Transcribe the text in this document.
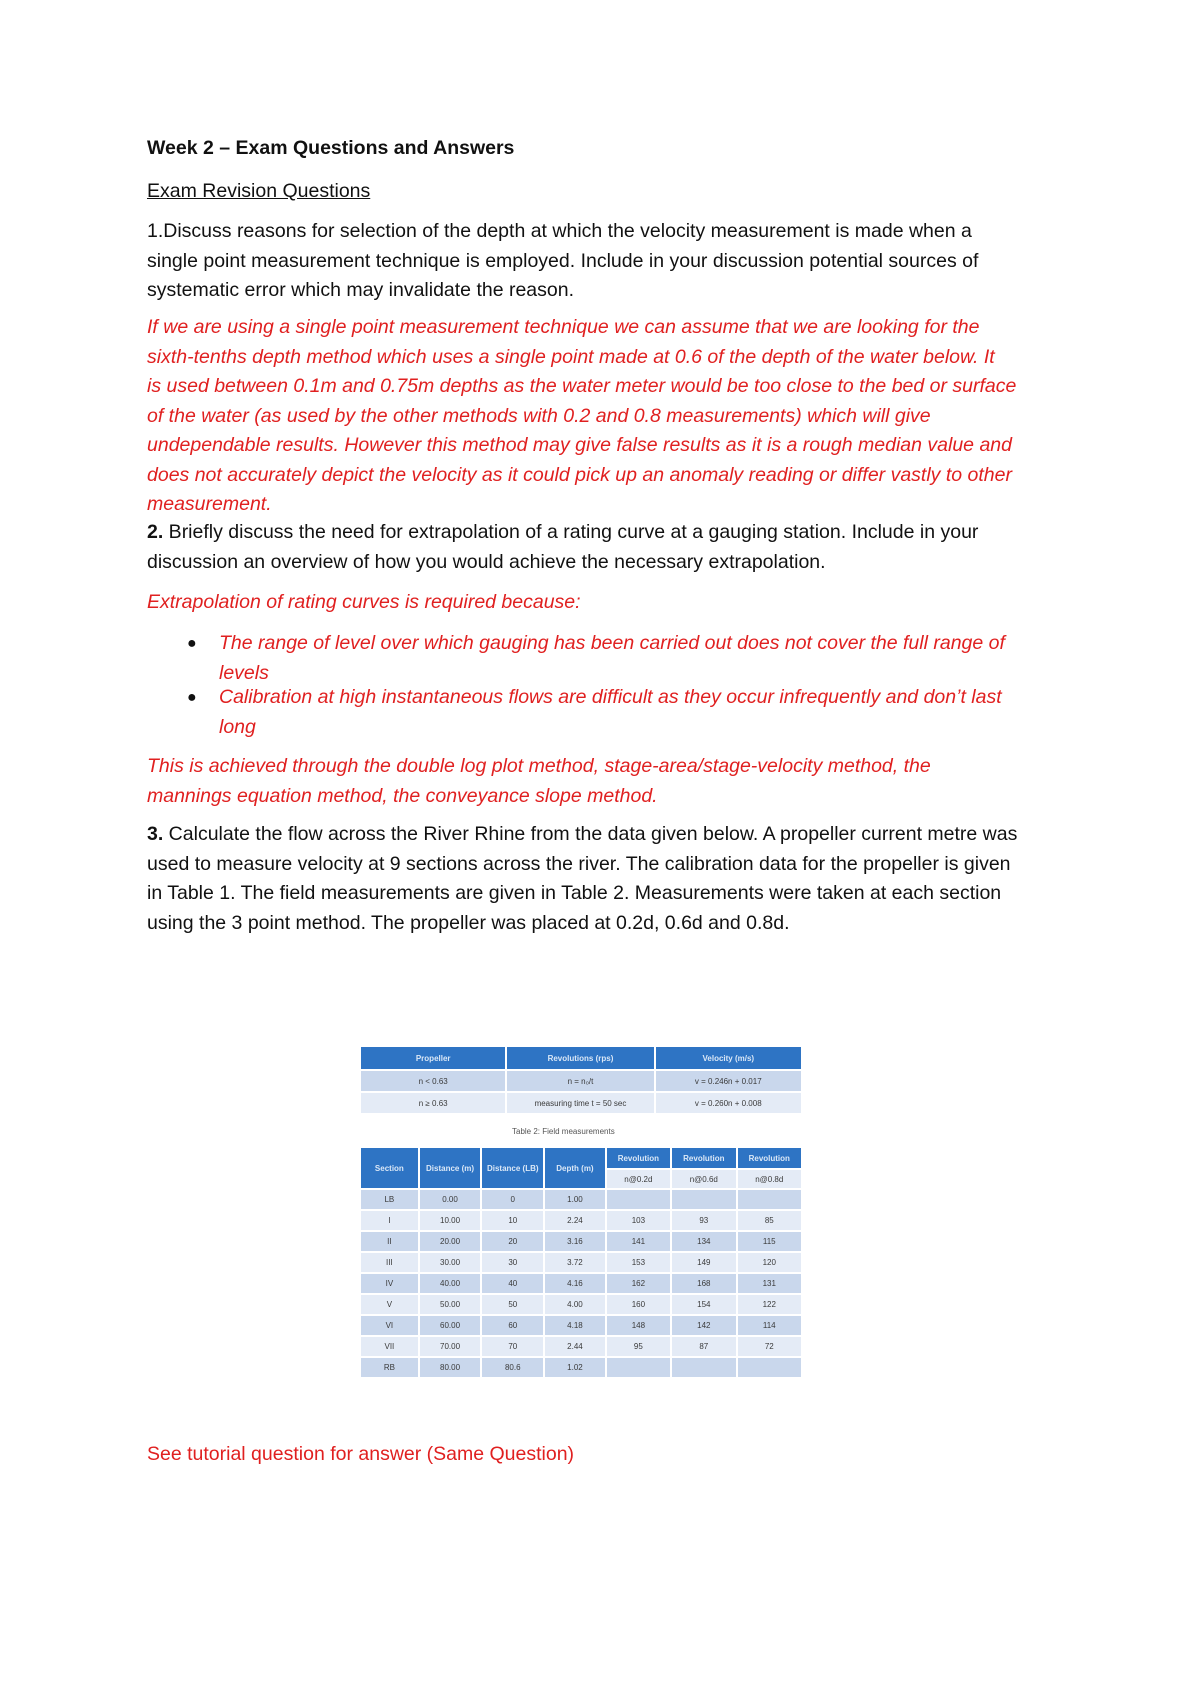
Week 2 – Exam Questions and Answers
Exam Revision Questions
1.Discuss reasons for selection of the depth at which the velocity measurement is made when a
single point measurement technique is employed. Include in your discussion potential sources of
systematic error which may invalidate the reason.
If we are using a single point measurement technique we can assume that we are looking for the
sixth-tenths depth method which uses a single point made at 0.6 of the depth of the water below. It
is used between 0.1m and 0.75m depths as the water meter would be too close to the bed or surface
of the water (as used by the other methods with 0.2 and 0.8 measurements) which will give
undependable results. However this method may give false results as it is a rough median value and
does not accurately depict the velocity as it could pick up an anomaly reading or differ vastly to other
measurement.
2. Briefly discuss the need for extrapolation of a rating curve at a gauging station. Include in your
discussion an overview of how you would achieve the necessary extrapolation.
Extrapolation of rating curves is required because:
● The range of level over which gauging has been carried out does not cover the full range of
levels
● Calibration at high instantaneous flows are difficult as they occur infrequently and don’t last
long
This is achieved through the double log plot method, stage-area/stage-velocity method, the
mannings equation method, the conveyance slope method.
3. Calculate the flow across the River Rhine from the data given below. A propeller current metre was
used to measure velocity at 9 sections across the river. The calibration data for the propeller is given
in Table 1. The field measurements are given in Table 2. Measurements were taken at each section
using the 3 point method. The propeller was placed at 0.2d, 0.6d and 0.8d.
Propeller	Revolutions (rps)	Velocity (m/s)
n < 0.63	n = n₀/t	v = 0.246n + 0.017
n ≥ 0.63	measuring time t = 50 sec	v = 0.260n + 0.008
Table 2: Field measurements
Section	Distance (m)	Distance (LB)	Depth (m)	Revolution	Revolution	Revolution
				n@0.2d	n@0.6d	n@0.8d
LB	0.00	0	1.00			
I	10.00	10	2.24	103	93	85
II	20.00	20	3.16	141	134	115
III	30.00	30	3.72	153	149	120
IV	40.00	40	4.16	162	168	131
V	50.00	50	4.00	160	154	122
VI	60.00	60	4.18	148	142	114
VII	70.00	70	2.44	95	87	72
RB	80.00	80.6	1.02			
See tutorial question for answer (Same Question)
